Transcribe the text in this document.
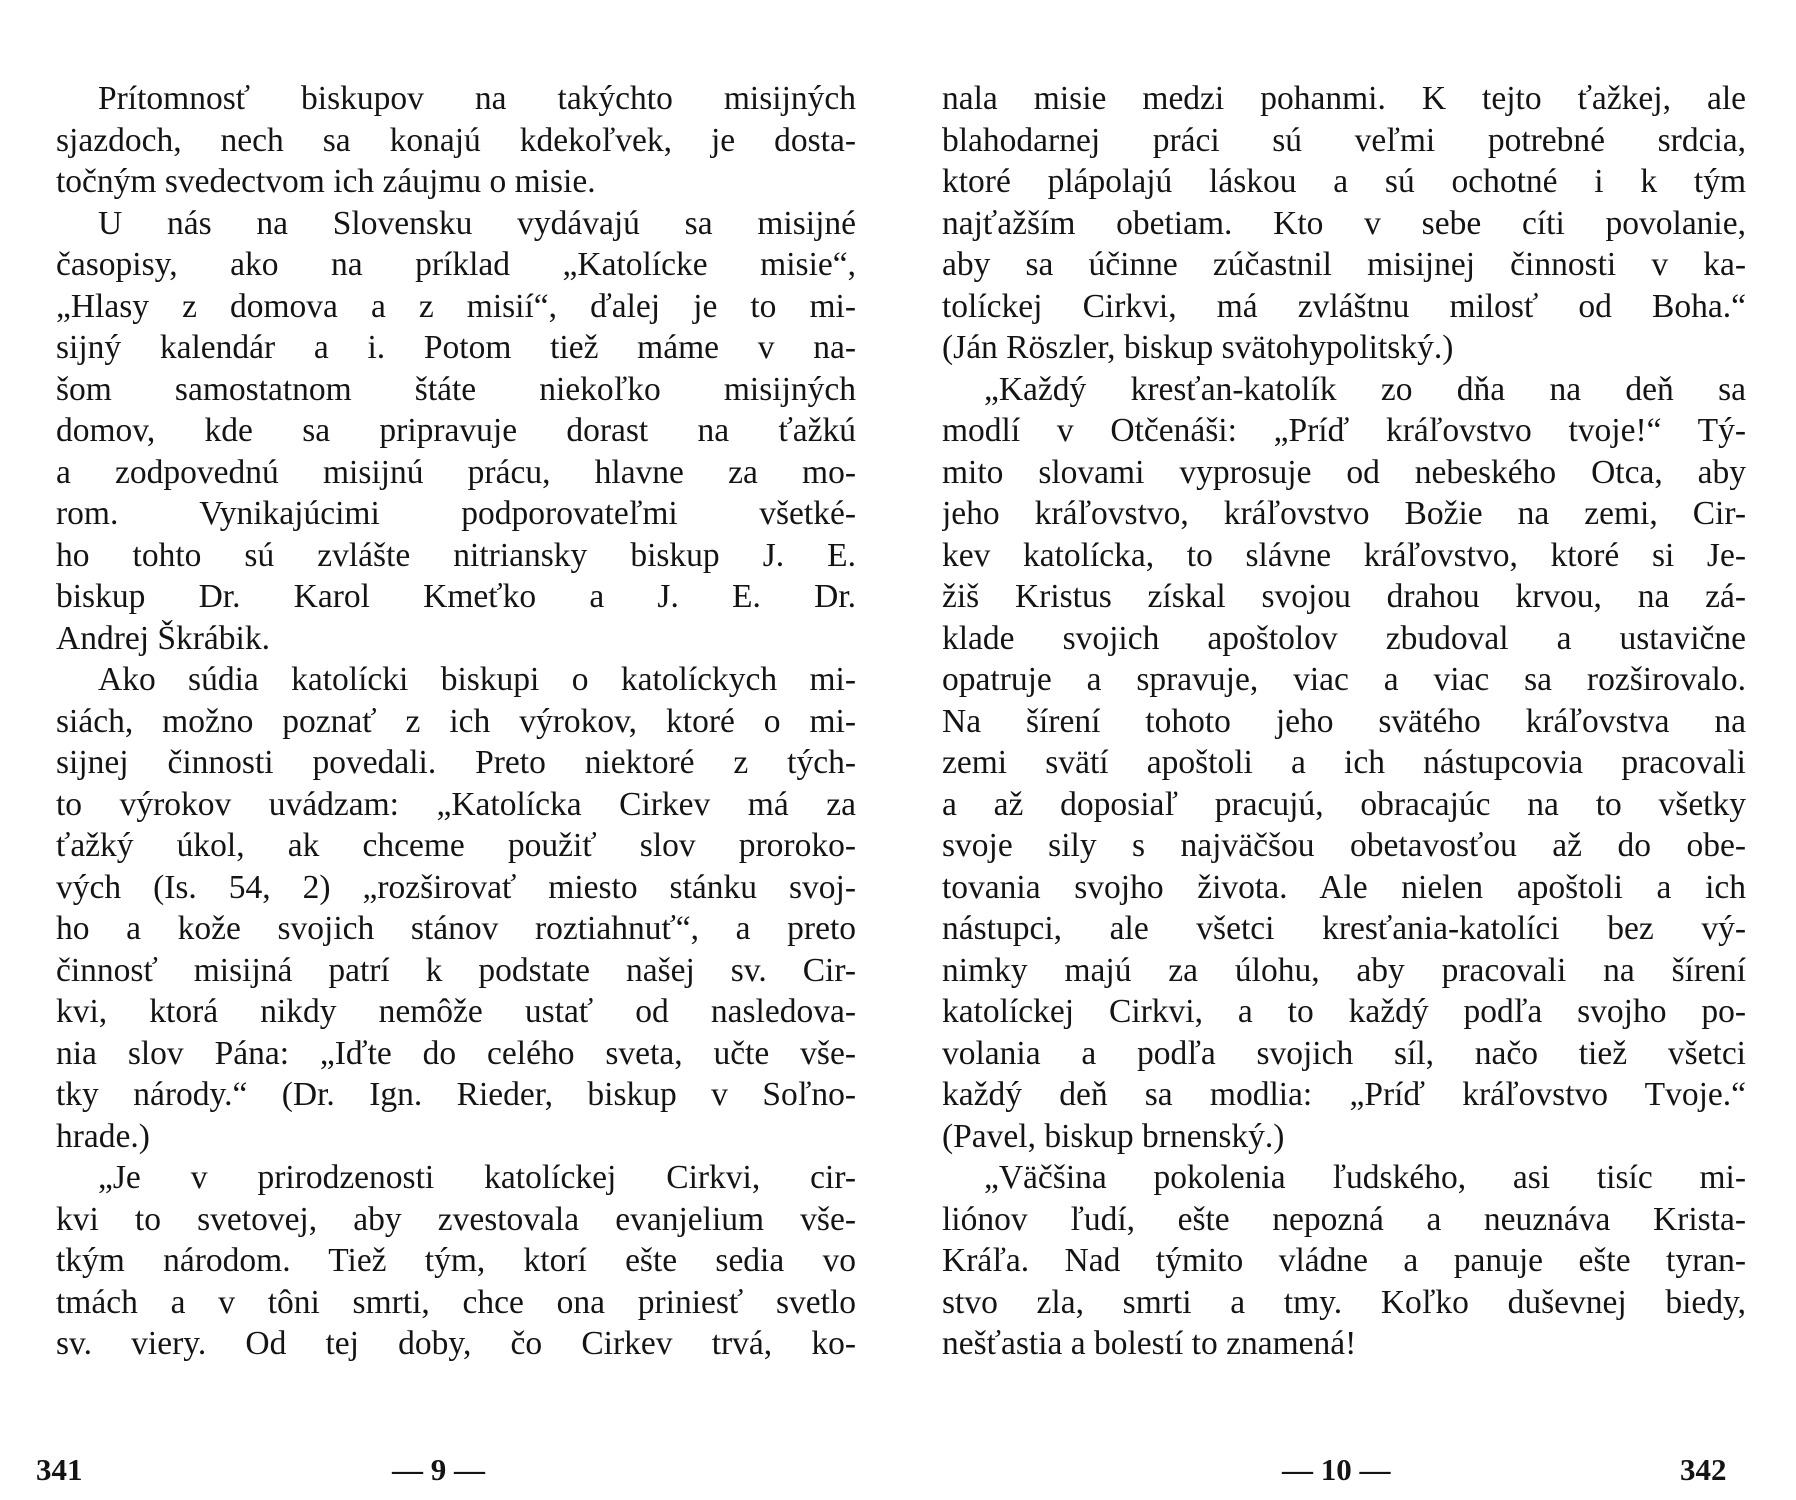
Prítomnosť biskupov na takýchto misijných
sjazdoch, nech sa konajú kdekoľvek, je dosta-
točným svedectvom ich záujmu o misie.
U nás na Slovensku vydávajú sa misijné
časopisy, ako na príklad „Katolícke misie“,
„Hlasy z domova a z misií“, ďalej je to mi-
sijný kalendár a i. Potom tiež máme v na-
šom samostatnom štáte niekoľko misijných
domov, kde sa pripravuje dorast na ťažkú
a zodpovednú misijnú prácu, hlavne za mo-
rom. Vynikajúcimi podporovateľmi všetké-
ho tohto sú zvlášte nitriansky biskup J. E.
biskup Dr. Karol Kmeťko a J. E. Dr.
Andrej Škrábik.
Ako súdia katolícki biskupi o katolíckych mi-
siách, možno poznať z ich výrokov, ktoré o mi-
sijnej činnosti povedali. Preto niektoré z tých-
to výrokov uvádzam: „Katolícka Cirkev má za
ťažký úkol, ak chceme použiť slov proroko-
vých (Is. 54, 2) „rozširovať miesto stánku svoj-
ho a kože svojich stánov roztiahnuť“, a preto
činnosť misijná patrí k podstate našej sv. Cir-
kvi, ktorá nikdy nemôže ustať od nasledova-
nia slov Pána: „Iďte do celého sveta, učte vše-
tky národy.“ (Dr. Ign. Rieder, biskup v Soľno-
hrade.)
„Je v prirodzenosti katolíckej Cirkvi, cir-
kvi to svetovej, aby zvestovala evanjelium vše-
tkým národom. Tiež tým, ktorí ešte sedia vo
tmách a v tôni smrti, chce ona priniesť svetlo
sv. viery. Od tej doby, čo Cirkev trvá, ko-
nala misie medzi pohanmi. K tejto ťažkej, ale
blahodarnej práci sú veľmi potrebné srdcia,
ktoré plápolajú láskou a sú ochotné i k tým
najťažším obetiam. Kto v sebe cíti povolanie,
aby sa účinne zúčastnil misijnej činnosti v ka-
tolíckej Cirkvi, má zvláštnu milosť od Boha.“
(Ján Röszler, biskup svätohypolitský.)
„Každý kresťan-katolík zo dňa na deň sa
modlí v Otčenáši: „Príď kráľovstvo tvoje!“ Tý-
mito slovami vyprosuje od nebeského Otca, aby
jeho kráľovstvo, kráľovstvo Božie na zemi, Cir-
kev katolícka, to slávne kráľovstvo, ktoré si Je-
žiš Kristus získal svojou drahou krvou, na zá-
klade svojich apoštolov zbudoval a ustavične
opatruje a spravuje, viac a viac sa rozširovalo.
Na šírení tohoto jeho svätého kráľovstva na
zemi svätí apoštoli a ich nástupcovia pracovali
a až doposiaľ pracujú, obracajúc na to všetky
svoje sily s najväčšou obetavosťou až do obe-
tovania svojho života. Ale nielen apoštoli a ich
nástupci, ale všetci kresťania-katolíci bez vý-
nimky majú za úlohu, aby pracovali na šírení
katolíckej Cirkvi, a to každý podľa svojho po-
volania a podľa svojich síl, načo tiež všetci
každý deň sa modlia: „Príď kráľovstvo Tvoje.“
(Pavel, biskup brnenský.)
„Väčšina pokolenia ľudského, asi tisíc mi-
liónov ľudí, ešte nepozná a neuznáva Krista-
Kráľa. Nad týmito vládne a panuje ešte tyran-
stvo zla, smrti a tmy. Koľko duševnej biedy,
nešťastia a bolestí to znamená!
341	— 9 —	— 10 —	342
